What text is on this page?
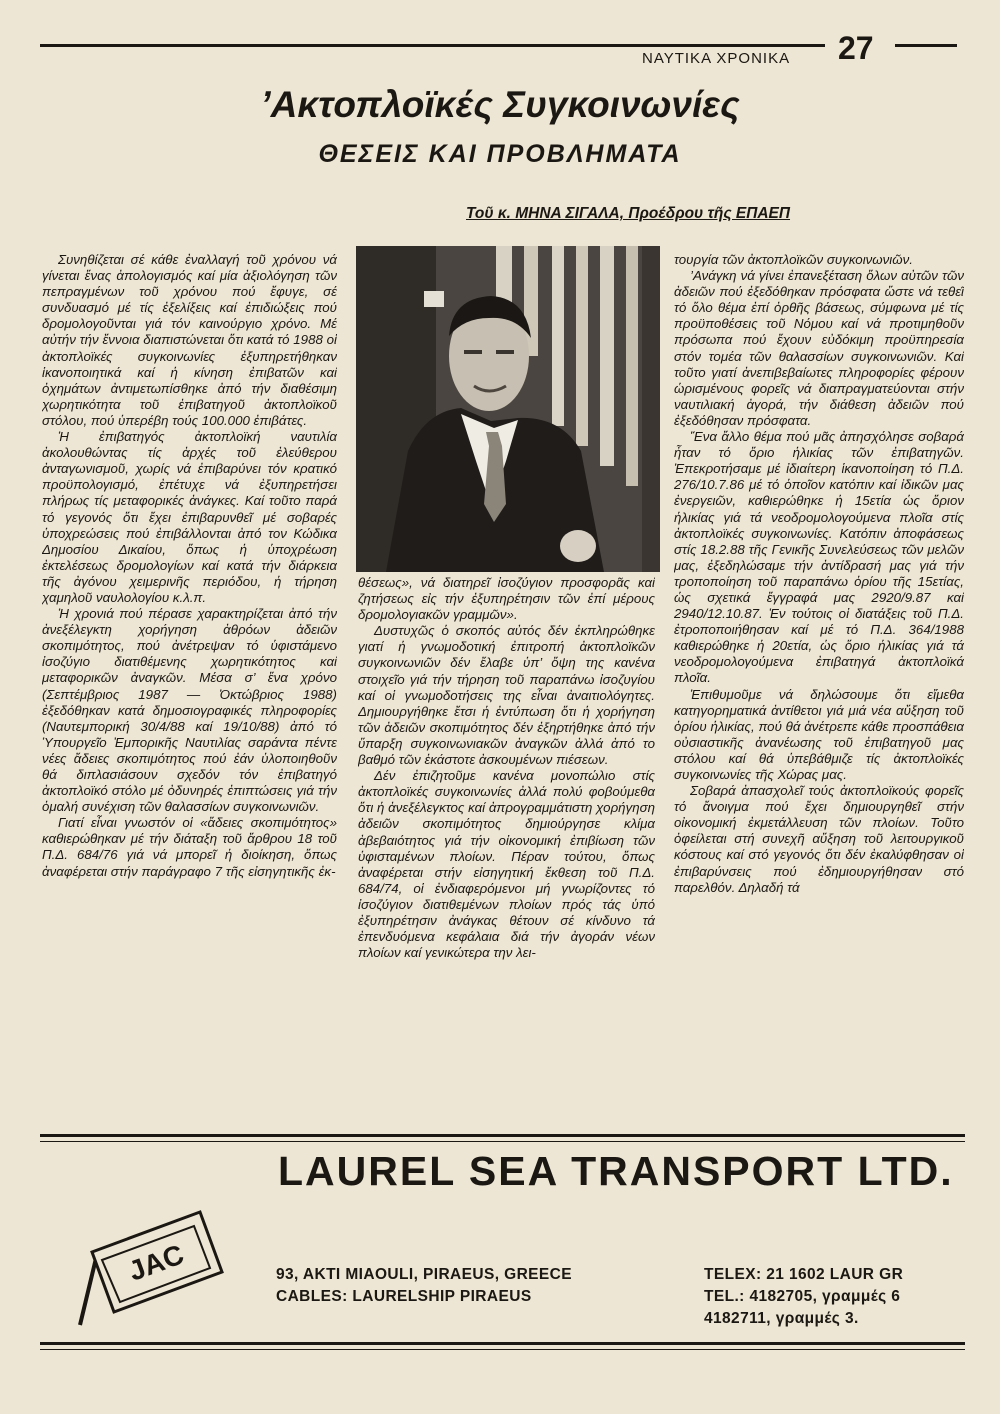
ΝΑΥΤΙΚΑ ΧΡΟΝΙΚΑ 27
’Ακτοπλοϊκές Συγκοινωνίες
ΘΕΣΕΙΣ ΚΑΙ ΠΡΟΒΛΗΜΑΤΑ
Τοῦ κ. ΜΗΝΑ ΣΙΓΑΛΑ, Προέδρου τῆς ΕΠΑΕΠ

Συνηθίζεται σέ κάθε ἐναλλαγή τοῦ χρόνου νά γίνεται ἕνας ἀπολογισμός καί μία ἀξιολόγηση τῶν πεπραγμένων τοῦ χρόνου πού ἔφυγε, σέ συνδυασμό μέ τίς ἐξελίξεις καί ἐπιδιώξεις πού δρομολογοῦνται γιά τόν καινούργιο χρόνο. Μέ αὐτήν τήν ἔννοια διαπιστώνεται ὅτι κατά τό 1988 οἱ ἀκτοπλοϊκές συγκοινωνίες ἐξυπηρετήθηκαν ἱκανοποιητικά καί ἡ κίνηση ἐπιβατῶν καί ὀχημάτων ἀντιμετωπίσθηκε ἀπό τήν διαθέσιμη χωρητικότητα τοῦ ἐπιβατηγοῦ ἀκτοπλοϊκοῦ στόλου, πού ὑπερέβη τούς 100.000 ἐπιβάτες.

Ἡ ἐπιβατηγός ἀκτοπλοϊκή ναυτιλία ἀκολουθώντας τίς ἀρχές τοῦ ἐλεύθερου ἀνταγωνισμοῦ, χωρίς νά ἐπιβαρύνει τόν κρατικό προϋπολογισμό, ἐπέτυχε νά ἐξυπηρετήσει πλήρως τίς μεταφορικές ἀνάγκες. Καί τοῦτο παρά τό γεγονός ὅτι ἔχει ἐπιβαρυνθεῖ μέ σοβαρές ὑποχρεώσεις πού ἐπιβάλλονται ἀπό τον Κώδικα Δημοσίου Δικαίου, ὅπως ἡ ὑποχρέωση ἐκτελέσεως δρομολογίων καί κατά τήν διάρκεια τῆς ἀγόνου χειμερινῆς περιόδου, ἡ τήρηση χαμηλοῦ ναυλολογίου κ.λ.π.

Ἡ χρονιά πού πέρασε χαρακτηρίζεται ἀπό τήν ἀνεξέλεγκτη χορήγηση ἀθρόων ἀδειῶν σκοπιμότητος, πού ἀνέτρεψαν τό ὑφιστάμενο ἰσοζύγιο διατιθέμενης χωρητικότητος καί μεταφορικῶν ἀναγκῶν. Μέσα σ’ ἕνα χρόνο (Σεπτέμβριος 1987 — Ὀκτώβριος 1988) ἐξεδόθηκαν κατά δημοσιογραφικές πληροφορίες (Ναυτεμπορική 30/4/88 καί 19/10/88) ἀπό τό Ὑπουργεῖο Ἐμπορικῆς Ναυτιλίας σαράντα πέντε νέες ἄδειες σκοπιμότητος πού ἐάν ὑλοποιηθοῦν θά διπλασιάσουν σχεδόν τόν ἐπιβατηγό ἀκτοπλοϊκό στόλο μέ ὀδυνηρές ἐπιπτώσεις γιά τήν ὁμαλή συνέχιση τῶν θαλασσίων συγκοινωνιῶν.

Γιατί εἶναι γνωστόν οἱ «ἄδειες σκοπιμότητος» καθιερώθηκαν μέ τήν διάταξη τοῦ ἄρθρου 18 τοῦ Π.Δ. 684/76 γιά νά μπορεῖ ἡ διοίκηση, ὅπως ἀναφέρεται στήν παράγραφο 7 τῆς εἰσηγητικῆς ἐκ-

θέσεως», νά διατηρεῖ ἰσοζύγιον προσφορᾶς καί ζητήσεως εἰς τήν ἐξυπηρέτησιν τῶν ἐπί μέρους δρομολογιακῶν γραμμῶν».

Δυστυχῶς ὁ σκοπός αὐτός δέν ἐκπληρώθηκε γιατί ἡ γνωμοδοτική ἐπιτροπή ἀκτοπλοϊκῶν συγκοινωνιῶν δέν ἔλαβε ὑπ’ ὄψη της κανένα στοιχεῖο γιά τήν τήρηση τοῦ παραπάνω ἰσοζυγίου καί οἱ γνωμοδοτήσεις της εἶναι ἀναιτιολόγητες. Δημιουργήθηκε ἔτσι ἡ ἐντύπωση ὅτι ἡ χορήγηση τῶν ἀδειῶν σκοπιμότητος δέν ἐξηρτήθηκε ἀπό τήν ὕπαρξη συγκοινωνιακῶν ἀναγκῶν ἀλλά ἀπό το βαθμό τῶν ἑκάστοτε ἀσκουμένων πιέσεων.

Δέν ἐπιζητοῦμε κανένα μονοπώλιο στίς ἀκτοπλοϊκές συγκοινωνίες ἀλλά πολύ φοβούμεθα ὅτι ἡ ἀνεξέλεγκτος καί ἀπρογραμμάτιστη χορήγηση ἀδειῶν σκοπιμότητος δημιούργησε κλίμα ἀβεβαιότητος γιά τήν οἰκονομική ἐπιβίωση τῶν ὑφισταμένων πλοίων. Πέραν τούτου, ὅπως ἀναφέρεται στήν εἰσηγητική ἔκθεση τοῦ Π.Δ. 684/74, οἱ ἐνδιαφερόμενοι μή γνωρίζοντες τό ἰσοζύγιον διατιθεμένων πλοίων πρός τάς ὑπό ἐξυπηρέτησιν ἀνάγκας θέτουν σέ κίνδυνο τά ἐπενδυόμενα κεφάλαια διά τήν ἀγοράν νέων πλοίων καί γενικώτερα την λει-

τουργία τῶν ἀκτοπλοϊκῶν συγκοινωνιῶν.

’Ανάγκη νά γίνει ἐπανεξέταση ὅλων αὐτῶν τῶν ἀδειῶν πού ἐξεδόθηκαν πρόσφατα ὥστε νά τεθεῖ τό ὅλο θέμα ἐπί ὀρθῆς βάσεως, σύμφωνα μέ τίς προϋποθέσεις τοῦ Νόμου καί νά προτιμηθοῦν πρόσωπα πού ἔχουν εὐδόκιμη προϋπηρεσία στόν τομέα τῶν θαλασσίων συγκοινωνιῶν. Καί τοῦτο γιατί ἀνεπιβεβαίωτες πληροφορίες φέρουν ὡρισμένους φορεῖς νά διαπραγματεύονται στήν ναυτιλιακή ἀγορά, τήν διάθεση ἀδειῶν πού ἐξεδόθησαν πρόσφατα.

Ἕνα ἄλλο θέμα πού μᾶς ἀπησχόλησε σοβαρά ἦταν τό ὅριο ἡλικίας τῶν ἐπιβατηγῶν. Ἐπεκροτήσαμε μέ ἰδιαίτερη ἱκανοποίηση τό Π.Δ. 276/10.7.86 μέ τό ὁποῖον κατόπιν καί ἰδικῶν μας ἐνεργειῶν, καθιερώθηκε ἡ 15ετία ὡς ὅριον ἡλικίας γιά τά νεοδρομολογούμενα πλοῖα στίς ἀκτοπλοϊκές συγκοινωνίες. Κατόπιν ἀποφάσεως στίς 18.2.88 τῆς Γενικῆς Συνελεύσεως τῶν μελῶν μας, ἐξεδηλώσαμε τήν ἀντίδρασή μας γιά τήν τροποποίηση τοῦ παραπάνω ὁρίου τῆς 15ετίας, ὡς σχετικά ἔγγραφά μας 2920/9.87 καί 2940/12.10.87. Ἐν τούτοις οἱ διατάξεις τοῦ Π.Δ. ἐτροποποιήθησαν καί μέ τό Π.Δ. 364/1988 καθιερώθηκε ἡ 20ετία, ὡς ὅριο ἡλικίας γιά τά νεοδρομολογούμενα ἐπιβατηγά ἀκτοπλοϊκά πλοῖα.

Ἐπιθυμοῦμε νά δηλώσουμε ὅτι εἴμεθα κατηγορηματικά ἀντίθετοι γιά μιά νέα αὔξηση τοῦ ὁρίου ἡλικίας, πού θά ἀνέτρεπε κάθε προσπάθεια οὐσιαστικῆς ἀνανέωσης τοῦ ἐπιβατηγοῦ μας στόλου καί θά ὑπεβάθμιζε τίς ἀκτοπλοϊκές συγκοινωνίες τῆς Χώρας μας.

Σοβαρά ἀπασχολεῖ τούς ἀκτοπλοϊκούς φορεῖς τό ἄνοιγμα πού ἔχει δημιουργηθεῖ στήν οἰκονομική ἐκμετάλλευση τῶν πλοίων. Τοῦτο ὀφείλεται στή συνεχῆ αὔξηση τοῦ λειτουργικοῦ κόστους καί στό γεγονός ὅτι δέν ἐκαλύφθησαν οἱ ἐπιβαρύνσεις πού ἐδημιουργήθησαν στό παρελθόν. Δηλαδή τά

LAUREL SEA TRANSPORT LTD.
JAC	93, AKTI MIAOULI, PIRAEUS, GREECE
CABLES: LAURELSHIP PIRAEUS
TELEX: 21 1602 LAUR GR
TEL.: 4182705, γραμμές 6
4182711, γραμμές 3.
